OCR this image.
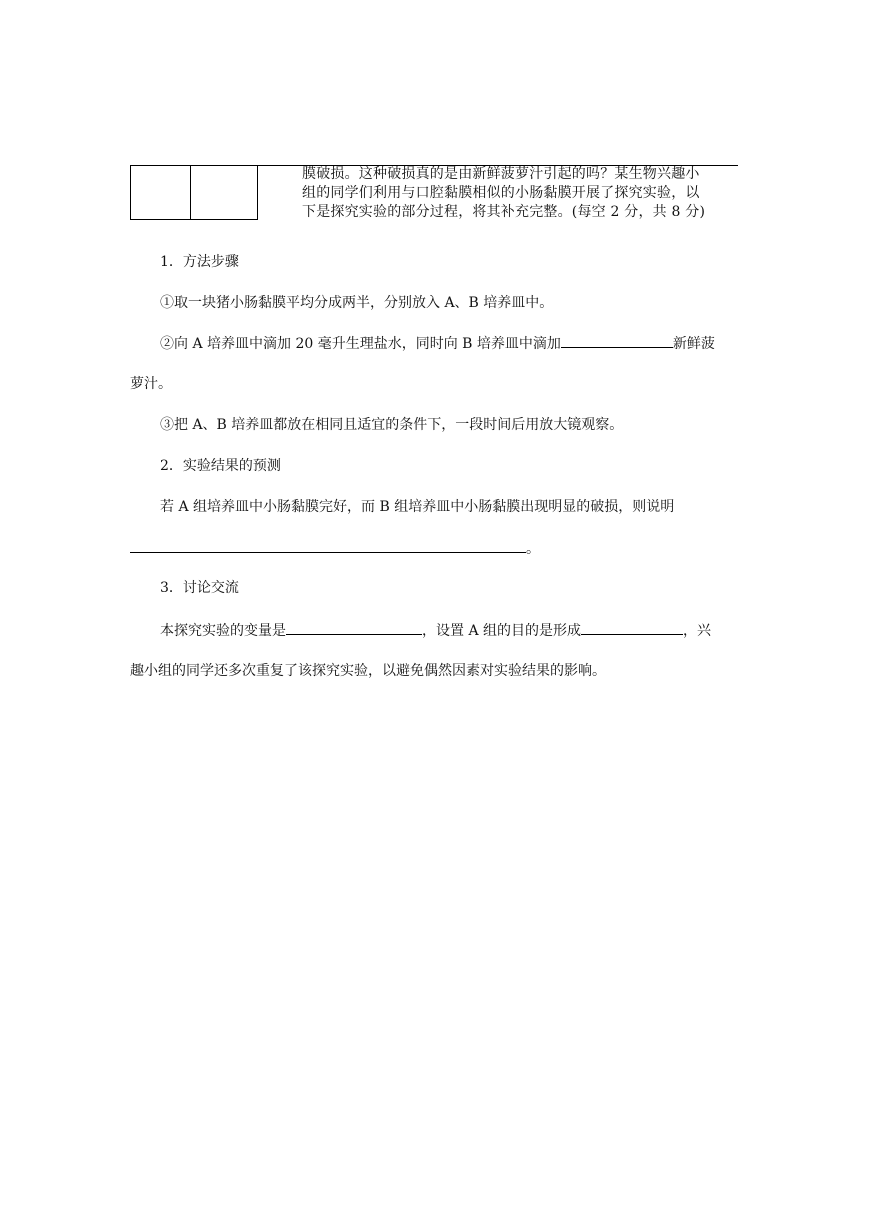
膜破损。这种破损真的是由新鲜菠萝汁引起的吗？某生物兴趣小
组的同学们利用与口腔黏膜相似的小肠黏膜开展了探究实验，以
下是探究实验的部分过程，将其补充完整。(每空 2 分，共 8 分)
1．方法步骤
①取一块猪小肠黏膜平均分成两半，分别放入 A、B 培养皿中。
②向 A 培养皿中滴加 20 毫升生理盐水，同时向 B 培养皿中滴加	新鲜菠
萝汁。
③把 A、B 培养皿都放在相同且适宜的条件下，一段时间后用放大镜观察。
2．实验结果的预测
若 A 组培养皿中小肠黏膜完好，而 B 组培养皿中小肠黏膜出现明显的破损，则说明
。
3．讨论交流
本探究实验的变量是	，设置 A 组的目的是形成	，兴
趣小组的同学还多次重复了该探究实验，以避免偶然因素对实验结果的影响。
